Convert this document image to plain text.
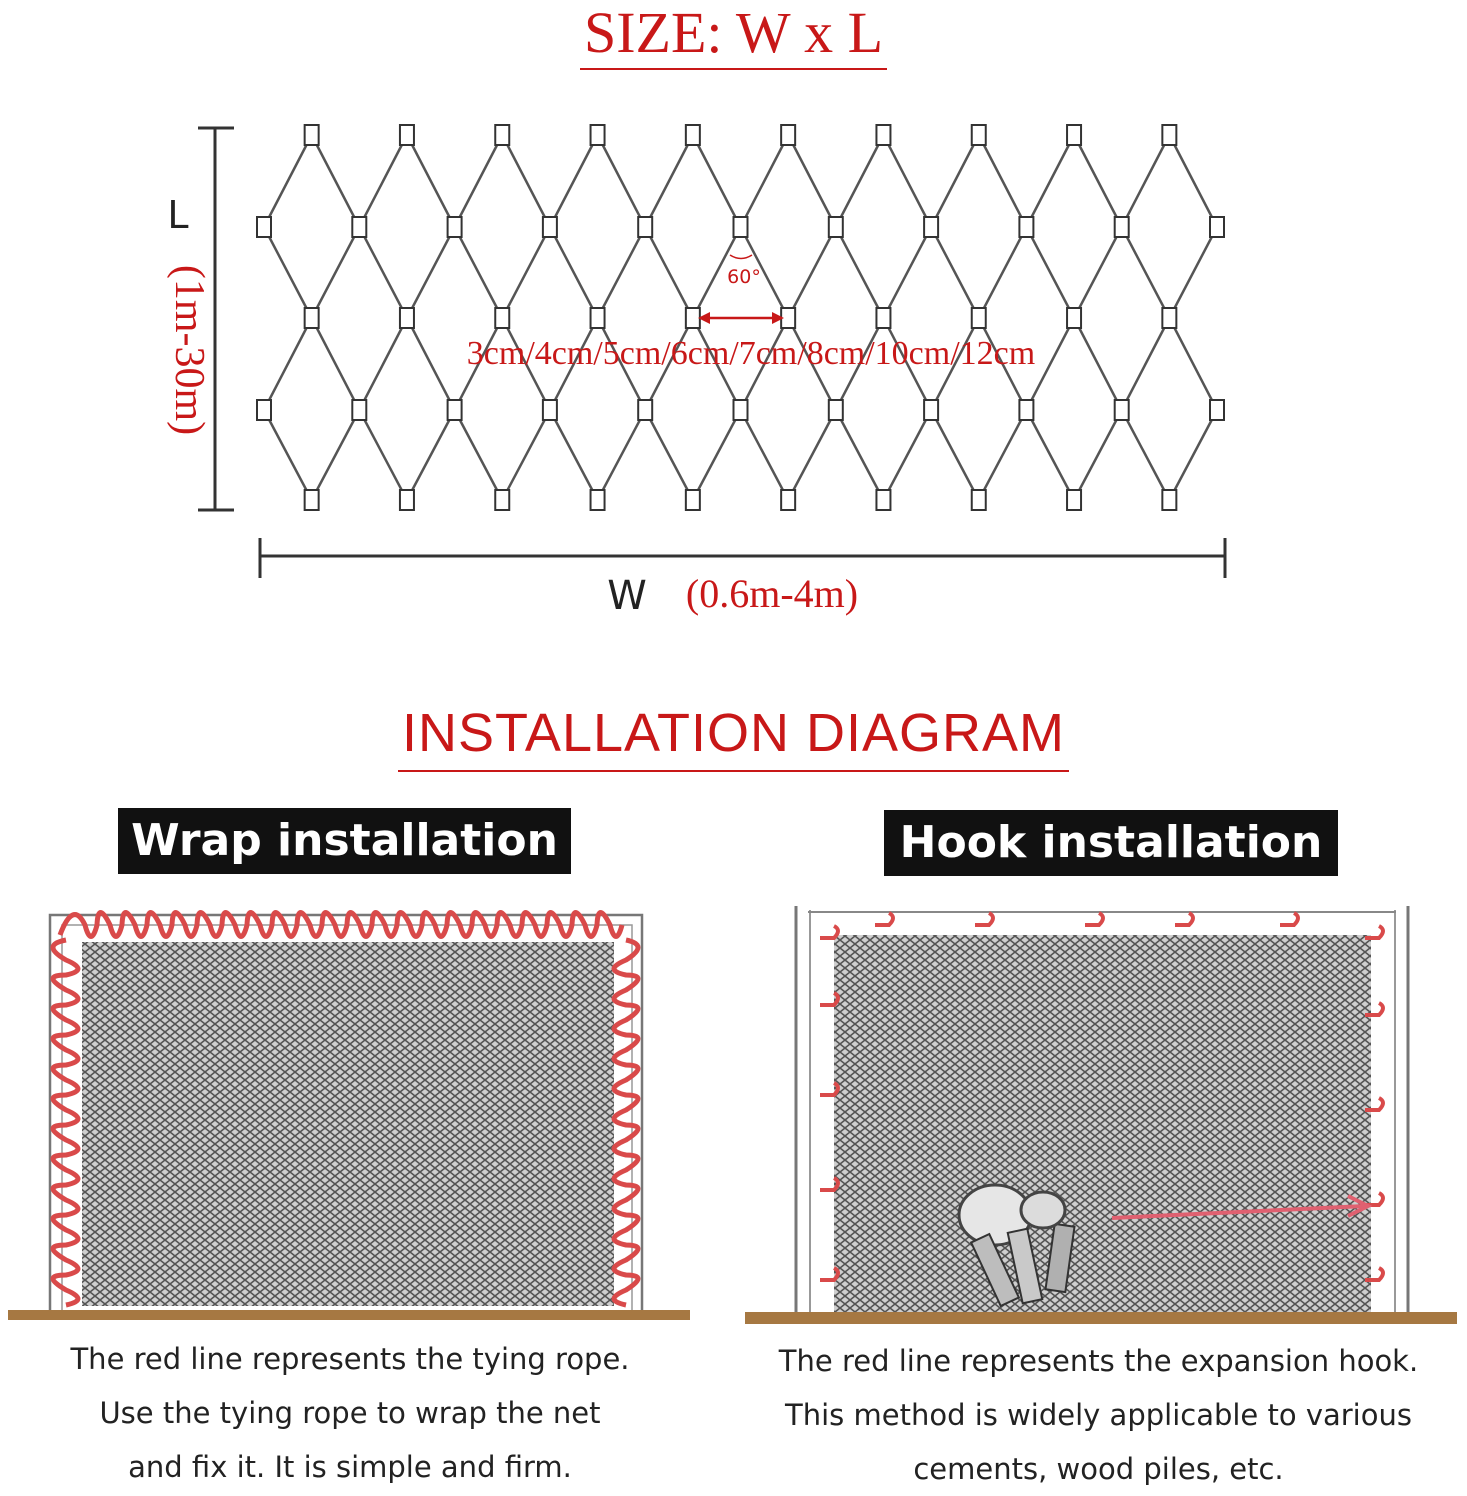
SIZE: W x L
L
(1m-30m)
W (0.6m-4m)
60°
3cm/4cm/5cm/6cm/7cm/8cm/10cm/12cm
INSTALLATION DIAGRAM
Wrap installation	Hook installation
The red line represents the tying rope.
Use the tying rope to wrap the net
and fix it. It is simple and firm.
The red line represents the expansion hook.
This method is widely applicable to various
cements, wood piles, etc.
